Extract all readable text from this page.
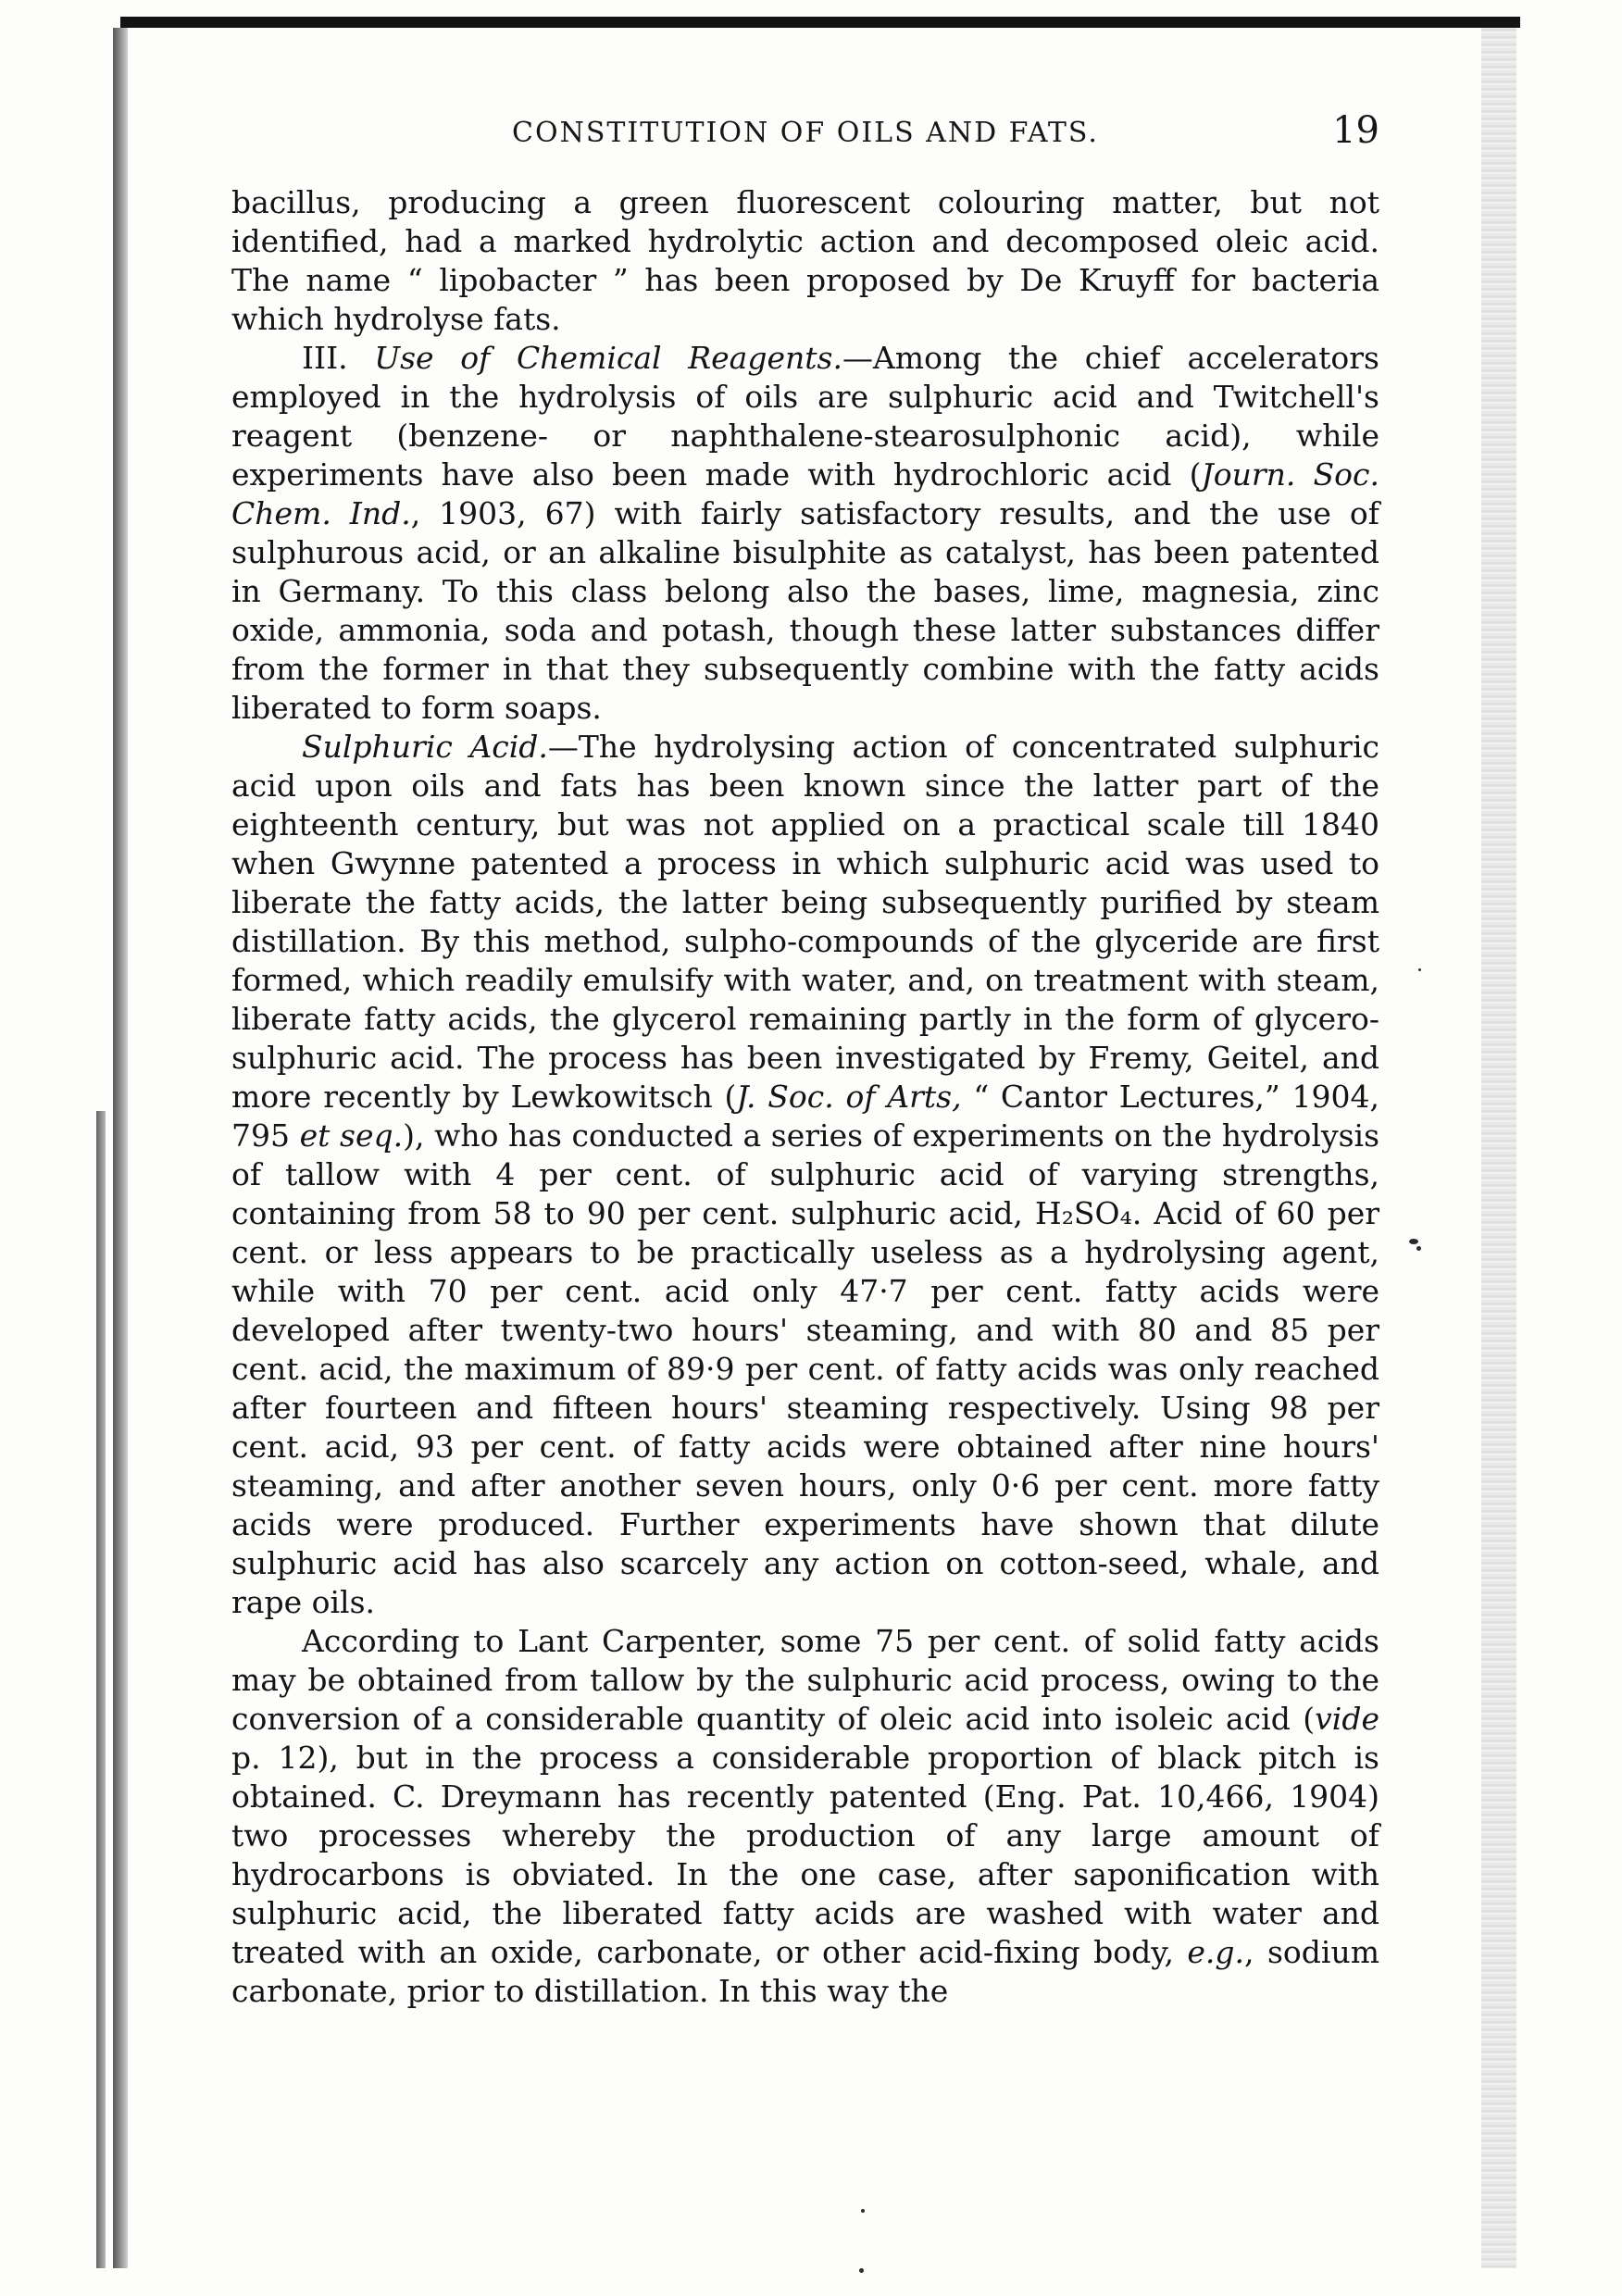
CONSTITUTION OF OILS AND FATS.	19

bacillus, producing a green fluorescent colouring matter, but not identified, had a marked hydrolytic action and decomposed oleic acid. The name “ lipobacter ” has been proposed by De Kruyff for bacteria which hydrolyse fats.

III. Use of Chemical Reagents.—Among the chief accelerators employed in the hydrolysis of oils are sulphuric acid and Twitchell's reagent (benzene- or naphthalene-stearosulphonic acid), while experiments have also been made with hydrochloric acid (Journ. Soc. Chem. Ind., 1903, 67) with fairly satisfactory results, and the use of sulphurous acid, or an alkaline bisulphite as catalyst, has been patented in Germany. To this class belong also the bases, lime, magnesia, zinc oxide, ammonia, soda and potash, though these latter substances differ from the former in that they subsequently combine with the fatty acids liberated to form soaps.

Sulphuric Acid.—The hydrolysing action of concentrated sulphuric acid upon oils and fats has been known since the latter part of the eighteenth century, but was not applied on a practical scale till 1840 when Gwynne patented a process in which sulphuric acid was used to liberate the fatty acids, the latter being subsequently purified by steam distillation. By this method, sulpho-compounds of the glyceride are first formed, which readily emulsify with water, and, on treatment with steam, liberate fatty acids, the glycerol remaining partly in the form of glycero-sulphuric acid. The process has been investigated by Fremy, Geitel, and more recently by Lewkowitsch (J. Soc. of Arts, “ Cantor Lectures,” 1904, 795 et seq.), who has conducted a series of experiments on the hydrolysis of tallow with 4 per cent. of sulphuric acid of varying strengths, containing from 58 to 90 per cent. sulphuric acid, H₂SO₄. Acid of 60 per cent. or less appears to be practically useless as a hydrolysing agent, while with 70 per cent. acid only 47·7 per cent. fatty acids were developed after twenty-two hours' steaming, and with 80 and 85 per cent. acid, the maximum of 89·9 per cent. of fatty acids was only reached after fourteen and fifteen hours' steaming respectively. Using 98 per cent. acid, 93 per cent. of fatty acids were obtained after nine hours' steaming, and after another seven hours, only 0·6 per cent. more fatty acids were produced. Further experiments have shown that dilute sulphuric acid has also scarcely any action on cotton-seed, whale, and rape oils.

According to Lant Carpenter, some 75 per cent. of solid fatty acids may be obtained from tallow by the sulphuric acid process, owing to the conversion of a considerable quantity of oleic acid into isoleic acid (vide p. 12), but in the process a considerable proportion of black pitch is obtained. C. Dreymann has recently patented (Eng. Pat. 10,466, 1904) two processes whereby the production of any large amount of hydrocarbons is obviated. In the one case, after saponification with sulphuric acid, the liberated fatty acids are washed with water and treated with an oxide, carbonate, or other acid-fixing body, e.g., sodium carbonate, prior to distillation. In this way the
